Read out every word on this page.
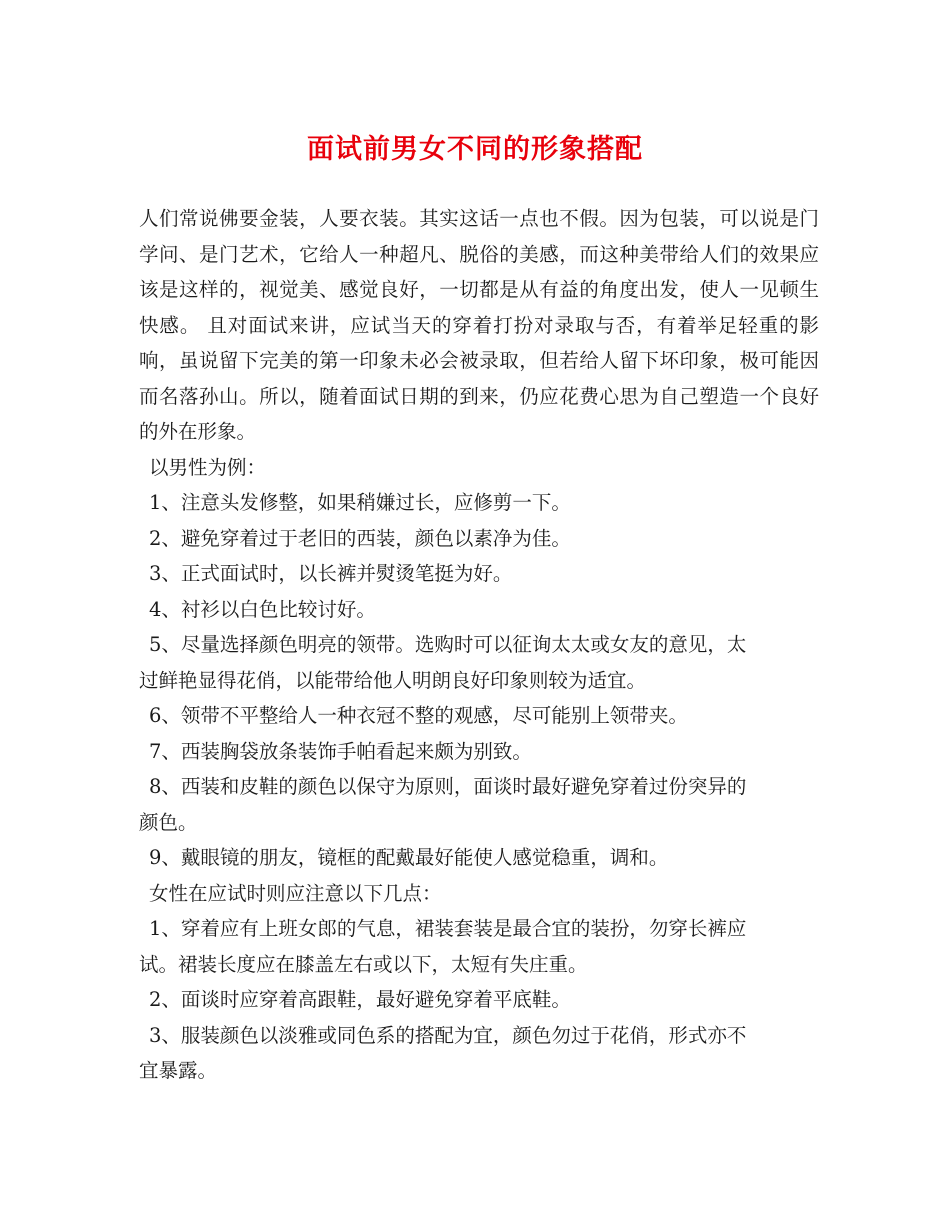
面试前男女不同的形象搭配

人们常说佛要金装，人要衣装。其实这话一点也不假。因为包装，可以说是门学问、是门艺术，它给人一种超凡、脱俗的美感，而这种美带给人们的效果应该是这样的，视觉美、感觉良好，一切都是从有益的角度出发，使人一见顿生快感。 且对面试来讲，应试当天的穿着打扮对录取与否，有着举足轻重的影响，虽说留下完美的第一印象未必会被录取，但若给人留下坏印象，极可能因而名落孙山。所以，随着面试日期的到来，仍应花费心思为自己塑造一个良好的外在形象。

以男性为例：

1、注意头发修整，如果稍嫌过长，应修剪一下。

2、避免穿着过于老旧的西装，颜色以素净为佳。

3、正式面试时，以长裤并熨烫笔挺为好。

4、衬衫以白色比较讨好。

5、尽量选择颜色明亮的领带。选购时可以征询太太或女友的意见，太

过鲜艳显得花俏，以能带给他人明朗良好印象则较为适宜。

6、领带不平整给人一种衣冠不整的观感，尽可能别上领带夹。

7、西装胸袋放条装饰手帕看起来颇为别致。

8、西装和皮鞋的颜色以保守为原则，面谈时最好避免穿着过份突异的

颜色。

9、戴眼镜的朋友，镜框的配戴最好能使人感觉稳重，调和。

女性在应试时则应注意以下几点：

1、穿着应有上班女郎的气息，裙装套装是最合宜的装扮，勿穿长裤应

试。裙装长度应在膝盖左右或以下，太短有失庄重。

2、面谈时应穿着高跟鞋，最好避免穿着平底鞋。

3、服装颜色以淡雅或同色系的搭配为宜，颜色勿过于花俏，形式亦不

宜暴露。
